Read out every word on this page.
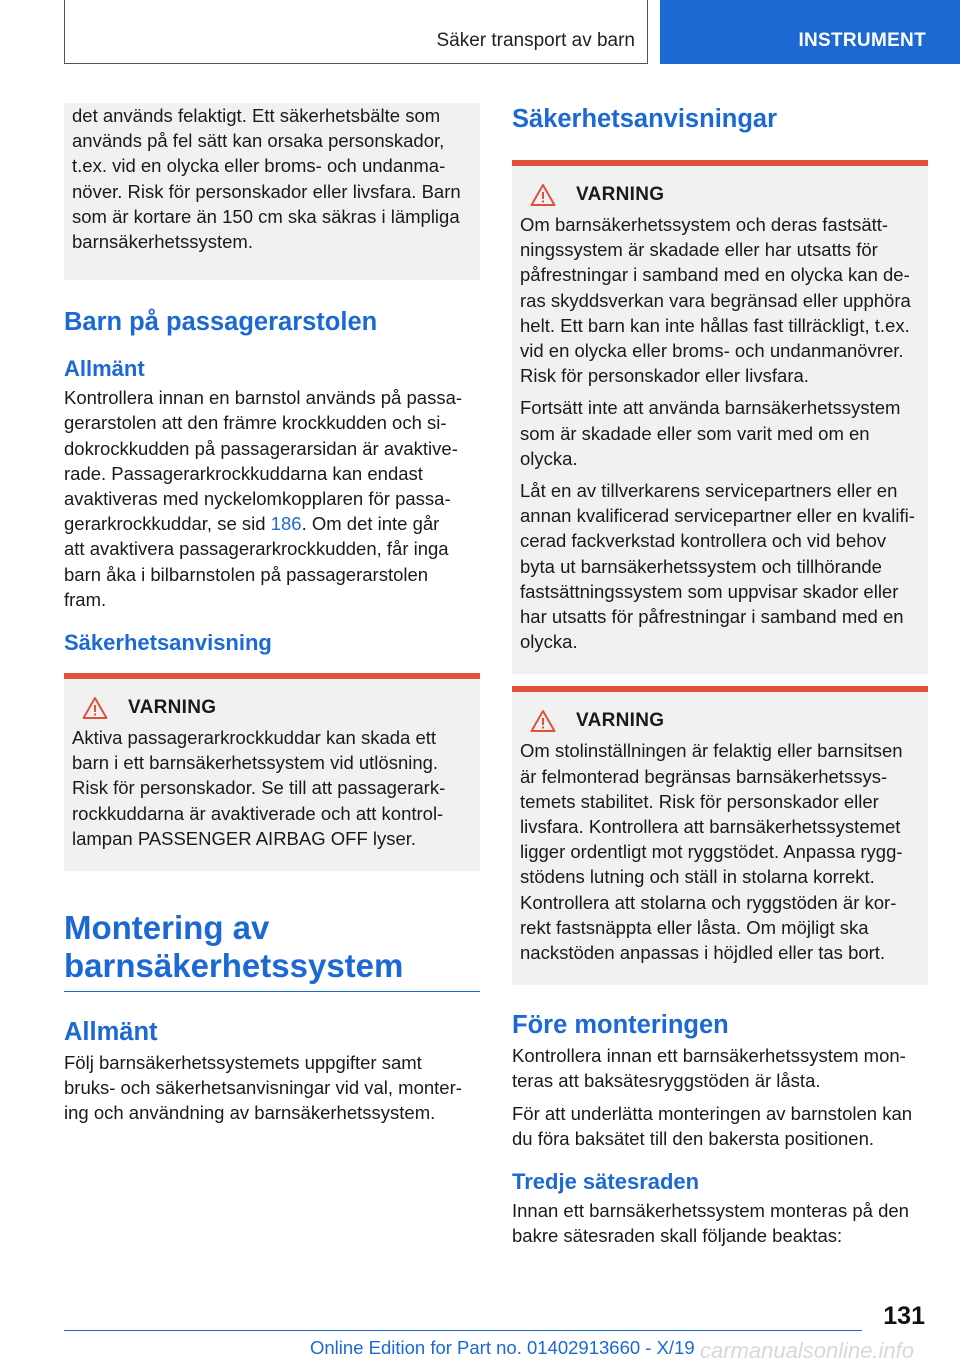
Säker transport av barn	INSTRUMENT

det används felaktigt. Ett säkerhetsbälte som

används på fel sätt kan orsaka personskador,

t.ex. vid en olycka eller broms- och undanma-

növer. Risk för personskador eller livsfara. Barn

som är kortare än 150 cm ska säkras i lämpliga

barnsäkerhetssystem.

Barn på passagerarstolen
Allmänt

Kontrollera innan en barnstol används på passa-

gerarstolen att den främre krockkudden och si-

dokrockkudden på passagerarsidan är avaktive-

rade. Passagerarkrockkuddarna kan endast

avaktiveras med nyckelomkopplaren för passa-

gerarkrockkuddar, se sid 186. Om det inte går

att avaktivera passagerarkrockkudden, får inga

barn åka i bilbarnstolen på passagerarstolen

fram.

Säkerhetsanvisning
VARNING

Aktiva passagerarkrockkuddar kan skada ett

barn i ett barnsäkerhetssystem vid utlösning.

Risk för personskador. Se till att passagerark-

rockkuddarna är avaktiverade och att kontrol-

lampan PASSENGER AIRBAG OFF lyser.

Montering av
barnsäkerhetssystem
Allmänt

Följ barnsäkerhetssystemets uppgifter samt

bruks- och säkerhetsanvisningar vid val, monter-

ing och användning av barnsäkerhetssystem.

Säkerhetsanvisningar
VARNING

Om barnsäkerhetssystem och deras fastsätt-

ningssystem är skadade eller har utsatts för

påfrestningar i samband med en olycka kan de-

ras skyddsverkan vara begränsad eller upphöra

helt. Ett barn kan inte hållas fast tillräckligt, t.ex.

vid en olycka eller broms- och undanmanövrer.

Risk för personskador eller livsfara.

Fortsätt inte att använda barnsäkerhetssystem

som är skadade eller som varit med om en

olycka.

Låt en av tillverkarens servicepartners eller en

annan kvalificerad servicepartner eller en kvalifi-

cerad fackverkstad kontrollera och vid behov

byta ut barnsäkerhetssystem och tillhörande

fastsättningssystem som uppvisar skador eller

har utsatts för påfrestningar i samband med en

olycka.

VARNING

Om stolinställningen är felaktig eller barnsitsen

är felmonterad begränsas barnsäkerhetssys-

temets stabilitet. Risk för personskador eller

livsfara. Kontrollera att barnsäkerhetssystemet

ligger ordentligt mot ryggstödet. Anpassa rygg-

stödens lutning och ställ in stolarna korrekt.

Kontrollera att stolarna och ryggstöden är kor-

rekt fastsnäppta eller låsta. Om möjligt ska

nackstöden anpassas i höjdled eller tas bort.

Före monteringen

Kontrollera innan ett barnsäkerhetssystem mon-

teras att baksätesryggstöden är låsta.

För att underlätta monteringen av barnstolen kan

du föra baksätet till den bakersta positionen.

Tredje sätesraden

Innan ett barnsäkerhetssystem monteras på den

bakre sätesraden skall följande beaktas:

131
Online Edition for Part no. 01402913660 - X/19 carmanualsonline.info
